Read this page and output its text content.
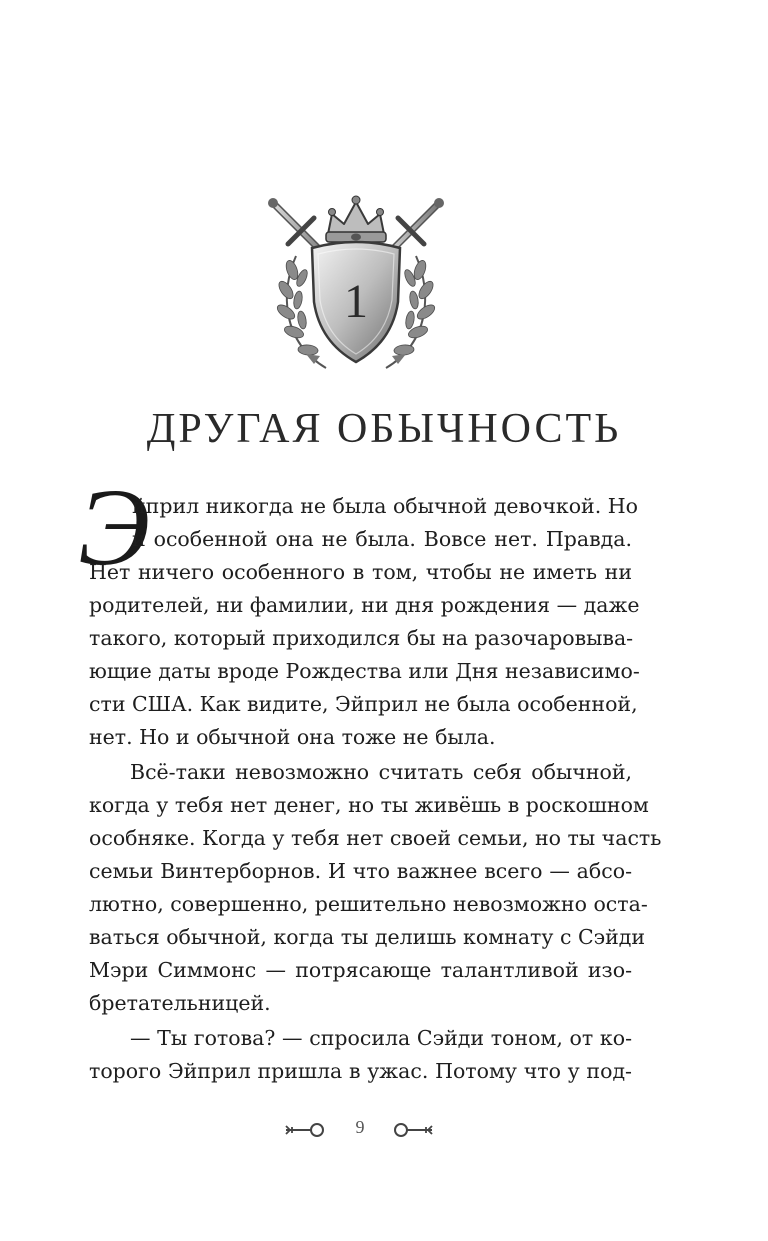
1
ДРУГАЯ ОБЫЧНОСТЬ
Э
йприл никогда не была обычной девочкой. Но
и особенной она не была. Вовсе нет. Правда.
Нет ничего особенного в том, чтобы не иметь ни
родителей, ни фамилии, ни дня рождения — даже
такого, который приходился бы на разочаровыва-
ющие даты вроде Рождества или Дня независимо-
сти США. Как видите, Эйприл не была особенной,
нет. Но и обычной она тоже не была.
Всё-таки невозможно считать себя обычной,
когда у тебя нет денег, но ты живёшь в роскошном
особняке. Когда у тебя нет своей семьи, но ты часть
семьи Винтерборнов. И что важнее всего — абсо-
лютно, совершенно, решительно невозможно оста-
ваться обычной, когда ты делишь комнату с Сэйди
Мэри Симмонс — потрясающе талантливой изо-
бретательницей.
— Ты готова? — спросила Сэйди тоном, от ко-
торого Эйприл пришла в ужас. Потому что у под-
9
